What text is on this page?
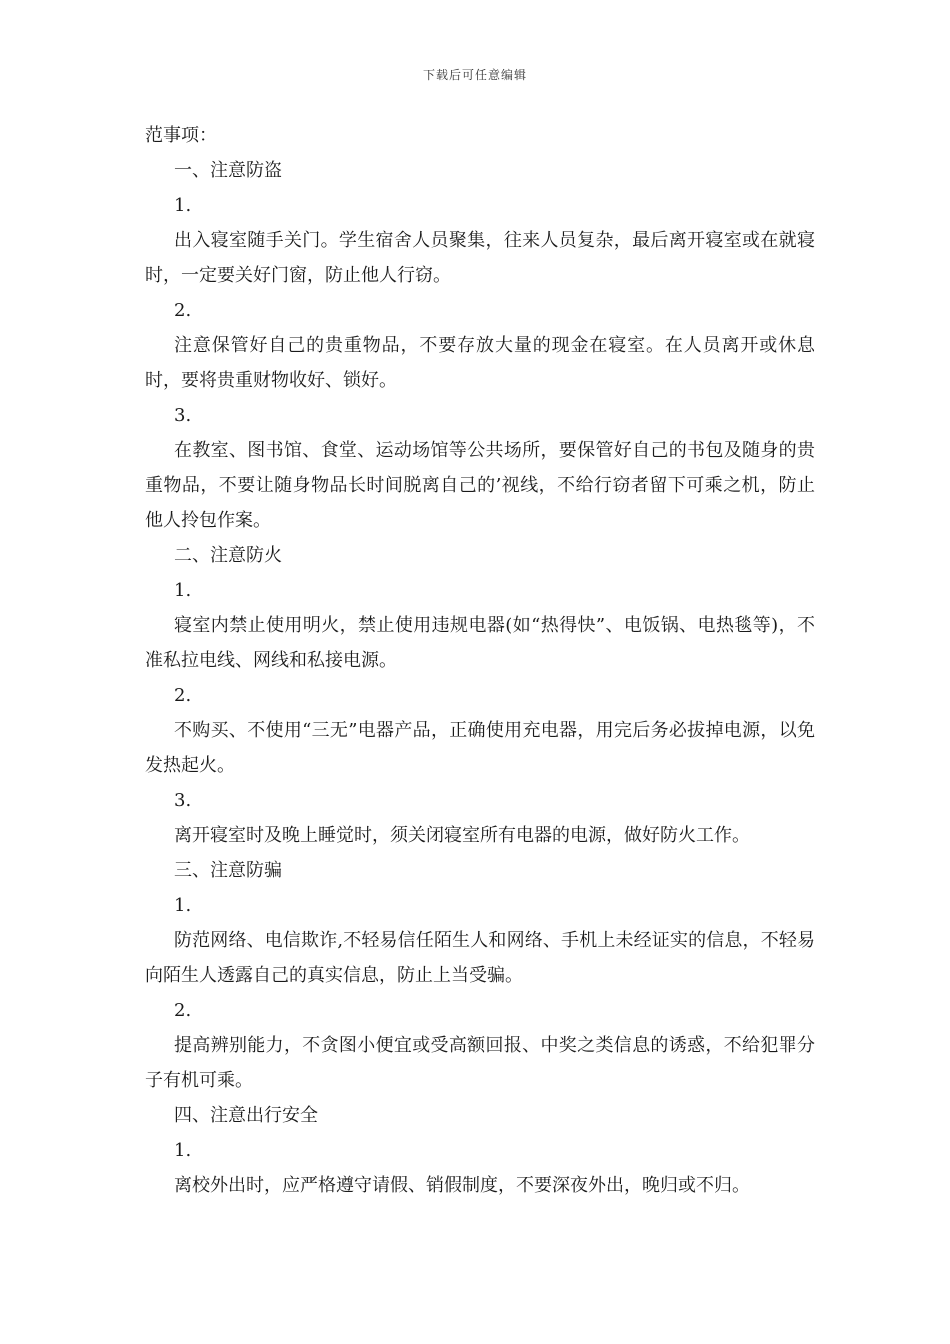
下载后可任意编辑

范事项：

一、注意防盗

1.

出入寝室随手关门。学生宿舍人员聚集，往来人员复杂，最后离开寝室或在就寝时，一定要关好门窗，防止他人行窃。

2.

注意保管好自己的贵重物品，不要存放大量的现金在寝室。在人员离开或休息时，要将贵重财物收好、锁好。

3.

在教室、图书馆、食堂、运动场馆等公共场所，要保管好自己的书包及随身的贵重物品，不要让随身物品长时间脱离自己的’视线，不给行窃者留下可乘之机，防止他人拎包作案。

二、注意防火

1.

寝室内禁止使用明火，禁止使用违规电器(如“热得快”、电饭锅、电热毯等)，不准私拉电线、网线和私接电源。

2.

不购买、不使用“三无”电器产品，正确使用充电器，用完后务必拔掉电源，以免发热起火。

3.

离开寝室时及晚上睡觉时，须关闭寝室所有电器的电源，做好防火工作。

三、注意防骗

1.

防范网络、电信欺诈,不轻易信任陌生人和网络、手机上未经证实的信息，不轻易向陌生人透露自己的真实信息，防止上当受骗。

2.

提高辨别能力，不贪图小便宜或受高额回报、中奖之类信息的诱惑，不给犯罪分子有机可乘。

四、注意出行安全

1.

离校外出时，应严格遵守请假、销假制度，不要深夜外出，晚归或不归。
